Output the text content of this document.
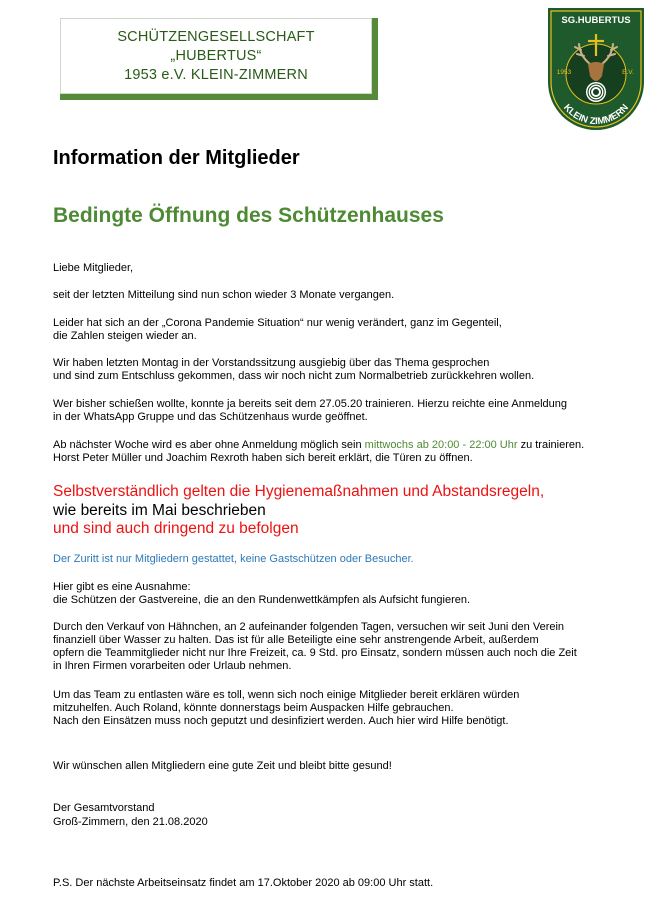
SCHÜTZENGESELLSCHAFT
„HUBERTUS“
1953 e.V. KLEIN-ZIMMERN
SG.HUBERTUS
1953	E.V.
KLEIN ZIMMERN
Information der Mitglieder
Bedingte Öffnung des Schützenhauses
Liebe Mitglieder,
seit der letzten Mitteilung sind nun schon wieder 3 Monate vergangen.
Leider hat sich an der „Corona Pandemie Situation“ nur wenig verändert, ganz im Gegenteil,
die Zahlen steigen wieder an.
Wir haben letzten Montag in der Vorstandssitzung ausgiebig über das Thema gesprochen
und sind zum Entschluss gekommen, dass wir noch nicht zum Normalbetrieb zurückkehren wollen.
Wer bisher schießen wollte, konnte ja bereits seit dem 27.05.20 trainieren. Hierzu reichte eine Anmeldung
in der WhatsApp Gruppe und das Schützenhaus wurde geöffnet.
Ab nächster Woche wird es aber ohne Anmeldung möglich sein mittwochs ab 20:00 - 22:00 Uhr zu trainieren.
Horst Peter Müller und Joachim Rexroth haben sich bereit erklärt, die Türen zu öffnen.
Selbstverständlich gelten die Hygienemaßnahmen und Abstandsregeln,
wie bereits im Mai beschrieben
und sind auch dringend zu befolgen
Der Zuritt ist nur Mitgliedern gestattet, keine Gastschützen oder Besucher.
Hier gibt es eine Ausnahme:
die Schützen der Gastvereine, die an den Rundenwettkämpfen als Aufsicht fungieren.
Durch den Verkauf von Hähnchen, an 2 aufeinander folgenden Tagen, versuchen wir seit Juni den Verein
finanziell über Wasser zu halten. Das ist für alle Beteiligte eine sehr anstrengende Arbeit, außerdem
opfern die Teammitglieder nicht nur Ihre Freizeit, ca. 9 Std. pro Einsatz, sondern müssen auch noch die Zeit
in Ihren Firmen vorarbeiten oder Urlaub nehmen.
Um das Team zu entlasten wäre es toll, wenn sich noch einige Mitglieder bereit erklären würden
mitzuhelfen. Auch Roland, könnte donnerstags beim Auspacken Hilfe gebrauchen.
Nach den Einsätzen muss noch geputzt und desinfiziert werden. Auch hier wird Hilfe benötigt.
Wir wünschen allen Mitgliedern eine gute Zeit und bleibt bitte gesund!
Der Gesamtvorstand
Groß-Zimmern, den 21.08.2020
P.S. Der nächste Arbeitseinsatz findet am 17.Oktober 2020 ab 09:00 Uhr statt.
